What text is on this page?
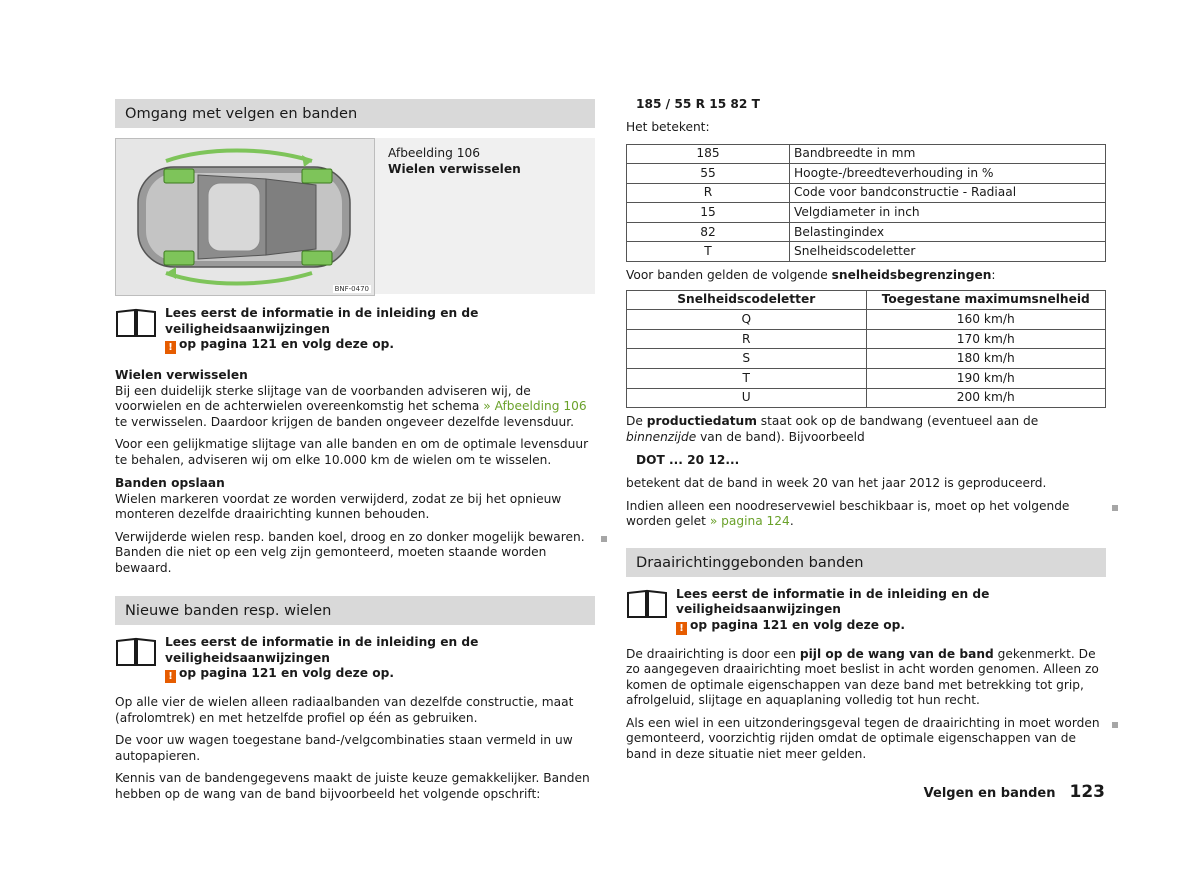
Omgang met velgen en banden
BNF-0470
Afbeelding 106
Wielen verwisselen
Lees eerst de informatie in de inleiding en de veiligheidsaanwijzingen
! op pagina 121 en volg deze op.

Wielen verwisselen

Bij een duidelijk sterke slijtage van de voorbanden adviseren wij, de voorwielen en de achterwielen overeenkomstig het schema » Afbeelding 106 te verwisselen. Daardoor krijgen de banden ongeveer dezelfde levensduur.

Voor een gelijkmatige slijtage van alle banden en om de optimale levensduur te behalen, adviseren wij om elke 10.000 km de wielen om te wisselen.

Banden opslaan

Wielen markeren voordat ze worden verwijderd, zodat ze bij het opnieuw monteren dezelfde draairichting kunnen behouden.

Verwijderde wielen resp. banden koel, droog en zo donker mogelijk bewaren. Banden die niet op een velg zijn gemonteerd, moeten staande worden bewaard.

Nieuwe banden resp. wielen
Lees eerst de informatie in de inleiding en de veiligheidsaanwijzingen
! op pagina 121 en volg deze op.

Op alle vier de wielen alleen radiaalbanden van dezelfde constructie, maat (afrolomtrek) en met hetzelfde profiel op één as gebruiken.

De voor uw wagen toegestane band-/velgcombinaties staan vermeld in uw autopapieren.

Kennis van de bandengegevens maakt de juiste keuze gemakkelijker. Banden hebben op de wang van de band bijvoorbeeld het volgende opschrift:

185 / 55 R 15 82 T

Het betekent:

185	Bandbreedte in mm
55	Hoogte-/breedteverhouding in %
R	Code voor bandconstructie - Radiaal
15	Velgdiameter in inch
82	Belastingindex
T	Snelheidscodeletter

Voor banden gelden de volgende snelheidsbegrenzingen:

Snelheidscodeletter	Toegestane maximumsnelheid
Q	160 km/h
R	170 km/h
S	180 km/h
T	190 km/h
U	200 km/h

De productiedatum staat ook op de bandwang (eventueel aan de binnenzijde van de band). Bijvoorbeeld

DOT ... 20 12...

betekent dat de band in week 20 van het jaar 2012 is geproduceerd.

Indien alleen een noodreservewiel beschikbaar is, moet op het volgende worden gelet » pagina 124.

Draairichtinggebonden banden
Lees eerst de informatie in de inleiding en de veiligheidsaanwijzingen
! op pagina 121 en volg deze op.

De draairichting is door een pijl op de wang van de band gekenmerkt. De zo aangegeven draairichting moet beslist in acht worden genomen. Alleen zo komen de optimale eigenschappen van deze band met betrekking tot grip, afrolgeluid, slijtage en aquaplaning volledig tot hun recht.

Als een wiel in een uitzonderingsgeval tegen de draairichting in moet worden gemonteerd, voorzichtig rijden omdat de optimale eigenschappen van de band in deze situatie niet meer gelden.

Velgen en banden 123
